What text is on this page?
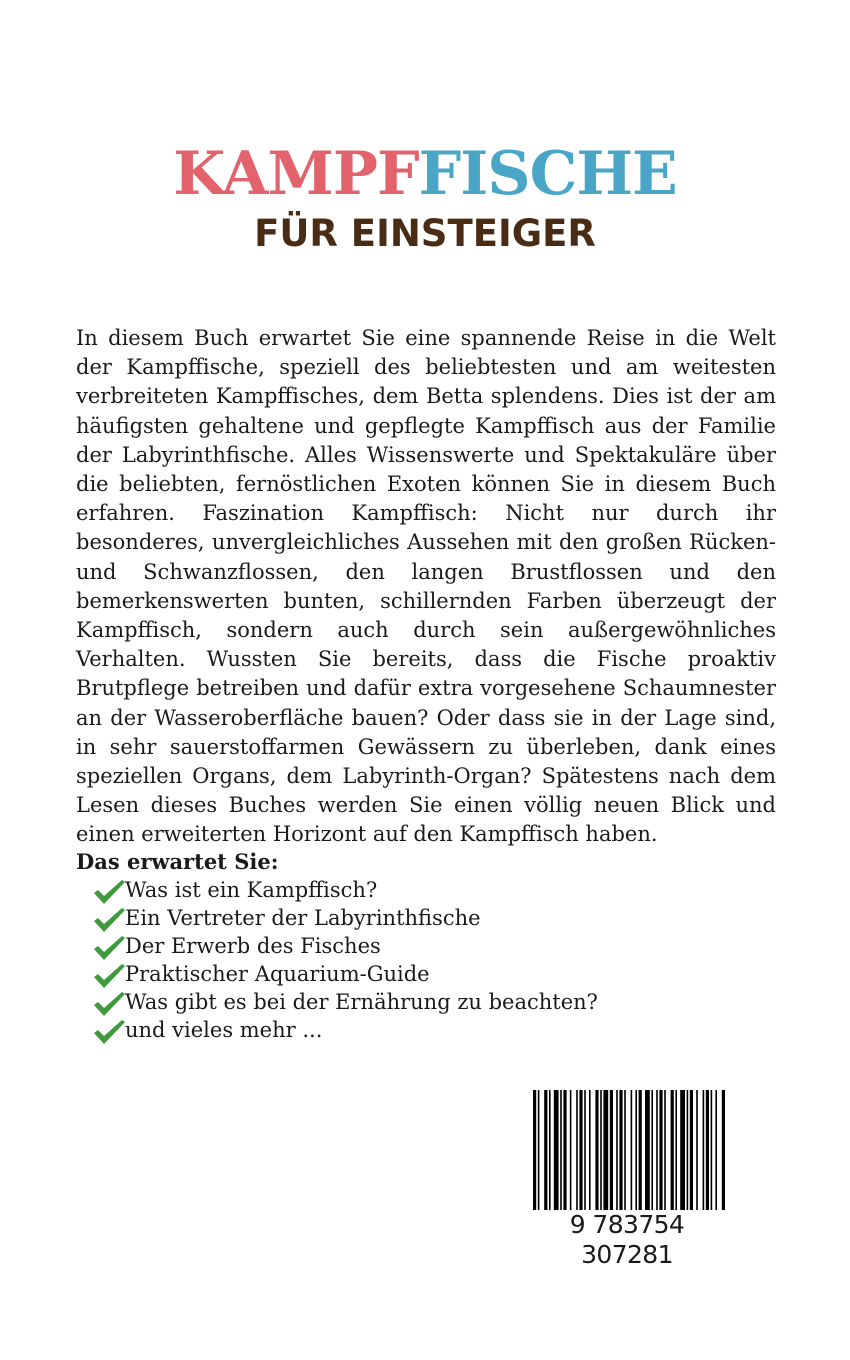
KAMPFFISCHE
FÜR EINSTEIGER

In diesem Buch erwartet Sie eine spannende Reise in die Welt der Kampffische, speziell des beliebtesten und am weitesten verbreiteten Kampffisches, dem Betta splendens. Dies ist der am häufigsten gehaltene und gepflegte Kampffisch aus der Familie der Labyrinthfische. Alles Wissenswerte und Spektakuläre über die beliebten, fernöstlichen Exoten können Sie in diesem Buch erfahren. Faszination Kampffisch: Nicht nur durch ihr besonderes, unvergleichliches Aussehen mit den großen Rücken- und Schwanzflossen, den langen Brustflossen und den bemerkenswerten bunten, schillernden Farben überzeugt der Kampffisch, sondern auch durch sein außergewöhnliches Verhalten. Wussten Sie bereits, dass die Fische proaktiv Brutpflege betreiben und dafür extra vorgesehene Schaumnester an der Wasseroberfläche bauen? Oder dass sie in der Lage sind, in sehr sauerstoffarmen Gewässern zu überleben, dank eines speziellen Organs, dem Labyrinth-Organ? Spätestens nach dem Lesen dieses Buches werden Sie einen völlig neuen Blick und einen erweiterten Horizont auf den Kampffisch haben.

Das erwartet Sie:

Was ist ein Kampffisch?
Ein Vertreter der Labyrinthfische
Der Erwerb des Fisches
Praktischer Aquarium-Guide
Was gibt es bei der Ernährung zu beachten?
und vieles mehr ...
9 783754 307281
